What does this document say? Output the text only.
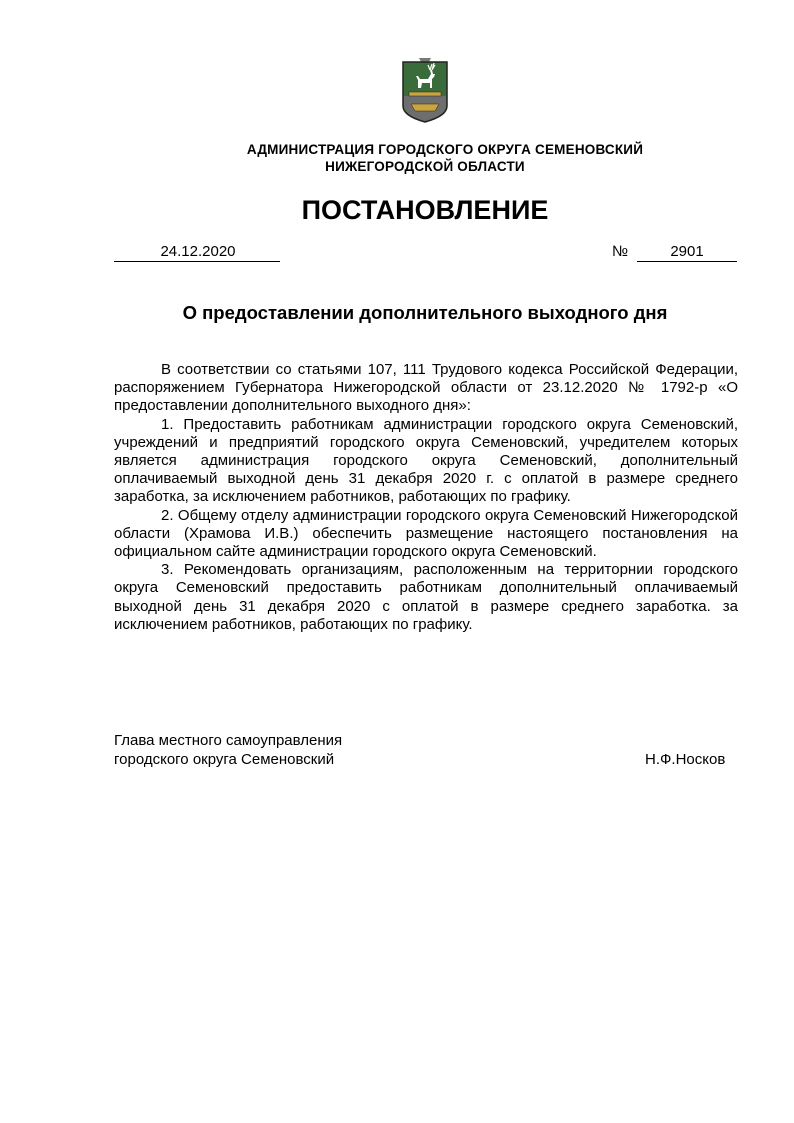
АДМИНИСТРАЦИЯ ГОРОДСКОГО ОКРУГА СЕМЕНОВСКИЙ
НИЖЕГОРОДСКОЙ ОБЛАСТИ
ПОСТАНОВЛЕНИЕ
24.12.2020	№	2901
О предоставлении дополнительного выходного дня

В соответствии со статьями 107, 111 Трудового кодекса Российской Федерации, распоряжением Губернатора Нижегородской области от 23.12.2020 № 1792-р «О предоставлении дополнительного выходного дня»:

1. Предоставить работникам администрации городского округа Семеновский, учреждений и предприятий городского округа Семеновский, учредителем которых является администрация городского округа Семеновский, дополнительный оплачиваемый выходной день 31 декабря 2020 г. с оплатой в размере среднего заработка, за исключением работников, работающих по графику.

2. Общему отделу администрации городского округа Семеновский Нижегородской области (Храмова И.В.) обеспечить размещение настоящего постановления на официальном сайте администрации городского округа Семеновский.

3. Рекомендовать организациям, расположенным на территорнии городского округа Семеновский предоставить работникам дополнительный оплачиваемый выходной день 31 декабря 2020 с оплатой в размере среднего заработка. за исключением работников, работающих по графику.

Глава местного самоуправления
городского округа Семеновский	Н.Ф.Носков
